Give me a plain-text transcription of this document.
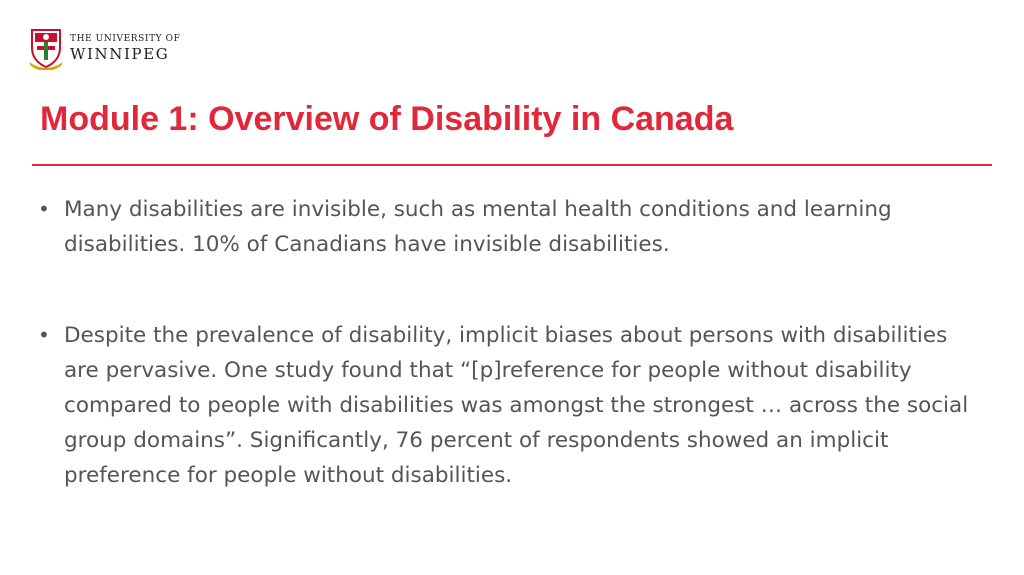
THE UNIVERSITY OF
WINNIPEG
Module 1: Overview of Disability in Canada
• Many disabilities are invisible, such as mental health conditions and learning disabilities. 10% of Canadians have invisible disabilities.
• Despite the prevalence of disability, implicit biases about persons with disabilities are pervasive. One study found that “[p]reference for people without disability compared to people with disabilities was amongst the strongest … across the social group domains”. Significantly, 76 percent of respondents showed an implicit preference for people without disabilities.
